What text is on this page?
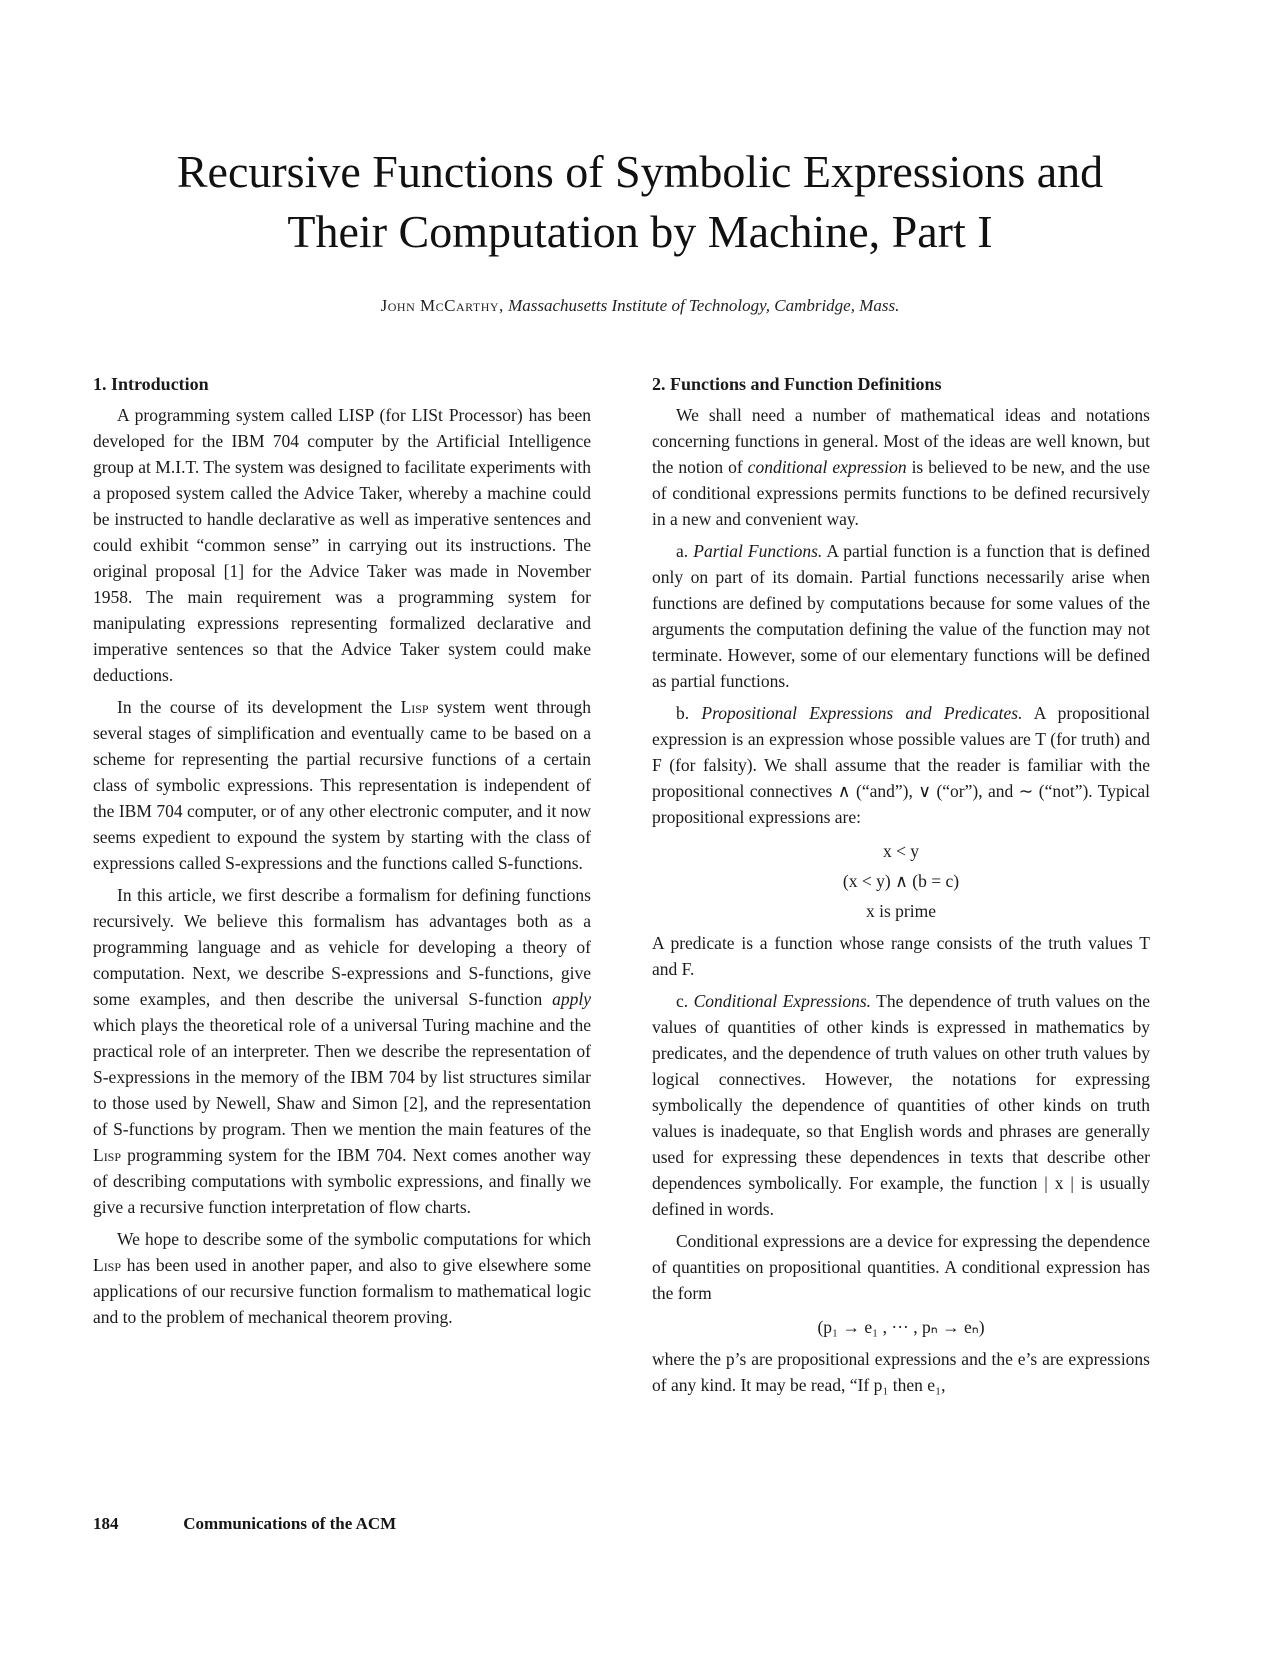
Recursive Functions of Symbolic Expressions and
Their Computation by Machine, Part I
John McCarthy, Massachusetts Institute of Technology, Cambridge, Mass.
1. Introduction

A programming system called LISP (for LISt Processor) has been developed for the IBM 704 computer by the Artificial Intelligence group at M.I.T. The system was designed to facilitate experiments with a proposed system called the Advice Taker, whereby a machine could be instructed to handle declarative as well as imperative sentences and could exhibit “common sense” in carrying out its instructions. The original proposal [1] for the Advice Taker was made in November 1958. The main requirement was a programming system for manipulating expressions representing formalized declarative and imperative sentences so that the Advice Taker system could make deductions.

In the course of its development the Lisp system went through several stages of simplification and eventually came to be based on a scheme for representing the partial recursive functions of a certain class of symbolic expressions. This representation is independent of the IBM 704 computer, or of any other electronic computer, and it now seems expedient to expound the system by starting with the class of expressions called S-expressions and the functions called S-functions.

In this article, we first describe a formalism for defining functions recursively. We believe this formalism has advantages both as a programming language and as vehicle for developing a theory of computation. Next, we describe S-expressions and S-functions, give some examples, and then describe the universal S-function apply which plays the theoretical role of a universal Turing machine and the practical role of an interpreter. Then we describe the representation of S-expressions in the memory of the IBM 704 by list structures similar to those used by Newell, Shaw and Simon [2], and the representation of S-functions by program. Then we mention the main features of the Lisp programming system for the IBM 704. Next comes another way of describing computations with symbolic expressions, and finally we give a recursive function interpretation of flow charts.

We hope to describe some of the symbolic computations for which Lisp has been used in another paper, and also to give elsewhere some applications of our recursive function formalism to mathematical logic and to the problem of mechanical theorem proving.

2. Functions and Function Definitions

We shall need a number of mathematical ideas and notations concerning functions in general. Most of the ideas are well known, but the notion of conditional expression is believed to be new, and the use of conditional expressions permits functions to be defined recursively in a new and convenient way.

a. Partial Functions. A partial function is a function that is defined only on part of its domain. Partial functions necessarily arise when functions are defined by computations because for some values of the arguments the computation defining the value of the function may not terminate. However, some of our elementary functions will be defined as partial functions.

b. Propositional Expressions and Predicates. A propositional expression is an expression whose possible values are T (for truth) and F (for falsity). We shall assume that the reader is familiar with the propositional connectives ∧ (“and”), ∨ (“or”), and ∼ (“not”). Typical propositional expressions are:

x < y
(x < y) ∧ (b = c)
x is prime

A predicate is a function whose range consists of the truth values T and F.

c. Conditional Expressions. The dependence of truth values on the values of quantities of other kinds is expressed in mathematics by predicates, and the dependence of truth values on other truth values by logical connectives. However, the notations for expressing symbolically the dependence of quantities of other kinds on truth values is inadequate, so that English words and phrases are generally used for expressing these dependences in texts that describe other dependences symbolically. For example, the function | x | is usually defined in words.

Conditional expressions are a device for expressing the dependence of quantities on propositional quantities. A conditional expression has the form

(p₁ → e₁ , ··· , pₙ → eₙ)

where the p’s are propositional expressions and the e’s are expressions of any kind. It may be read, “If p₁ then e₁,

184	Communications of the ACM
